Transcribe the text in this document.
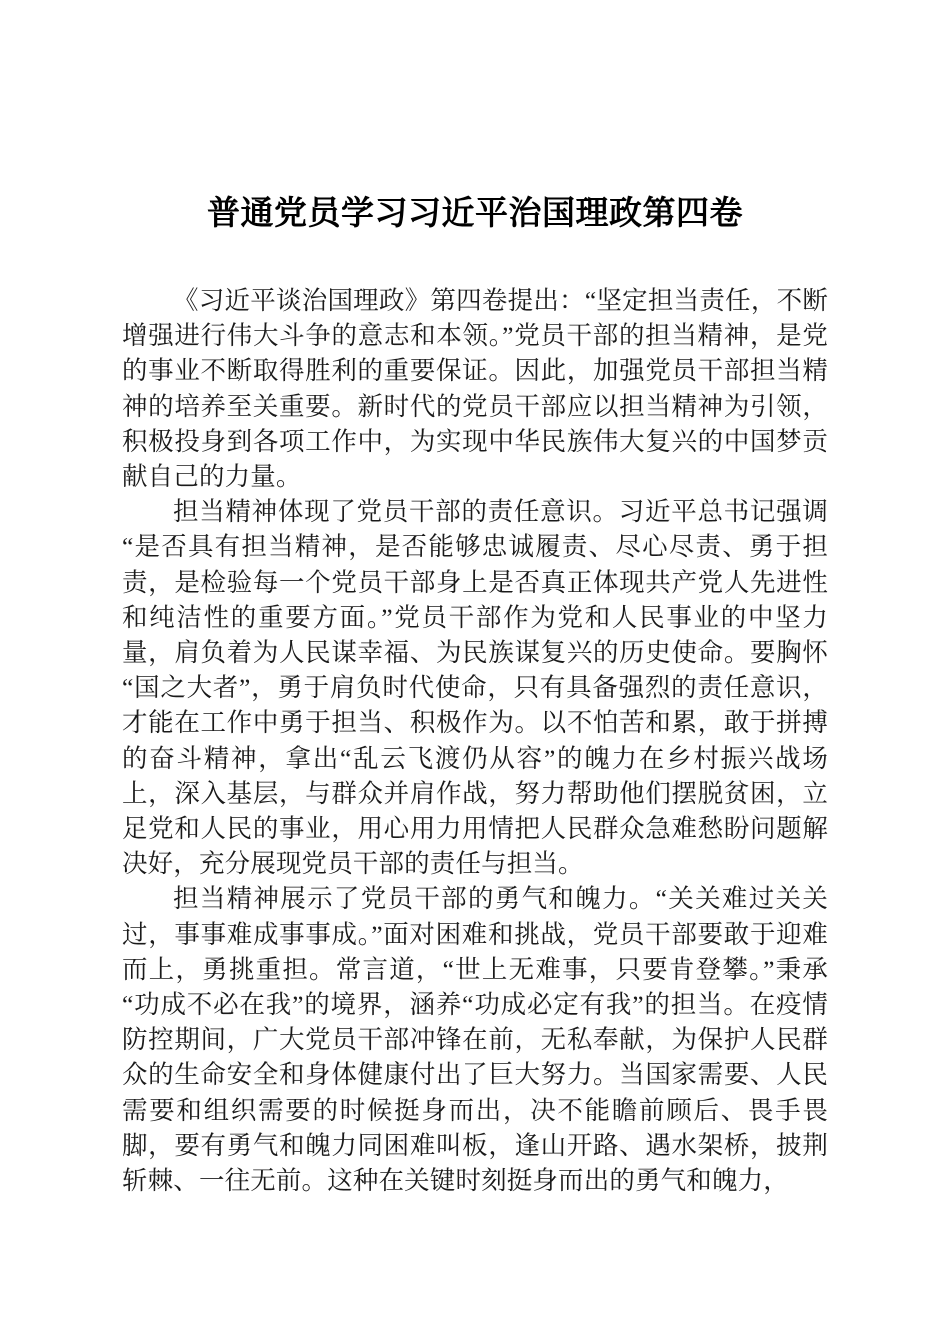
普通党员学习习近平治国理政第四卷

《习近平谈治国理政》第四卷提出：“坚定担当责任，不断增强进行伟大斗争的意志和本领。”党员干部的担当精神，是党的事业不断取得胜利的重要保证。因此，加强党员干部担当精神的培养至关重要。新时代的党员干部应以担当精神为引领，积极投身到各项工作中，为实现中华民族伟大复兴的中国梦贡献自己的力量。

担当精神体现了党员干部的责任意识。习近平总书记强调“是否具有担当精神，是否能够忠诚履责、尽心尽责、勇于担责，是检验每一个党员干部身上是否真正体现共产党人先进性和纯洁性的重要方面。”党员干部作为党和人民事业的中坚力量，肩负着为人民谋幸福、为民族谋复兴的历史使命。要胸怀“国之大者”，勇于肩负时代使命，只有具备强烈的责任意识，才能在工作中勇于担当、积极作为。以不怕苦和累，敢于拼搏的奋斗精神，拿出“乱云飞渡仍从容”的魄力在乡村振兴战场上，深入基层，与群众并肩作战，努力帮助他们摆脱贫困，立足党和人民的事业，用心用力用情把人民群众急难愁盼问题解决好，充分展现党员干部的责任与担当。

担当精神展示了党员干部的勇气和魄力。“关关难过关关过，事事难成事事成。”面对困难和挑战，党员干部要敢于迎难而上，勇挑重担。常言道，“世上无难事，只要肯登攀。”秉承“功成不必在我”的境界，涵养“功成必定有我”的担当。在疫情防控期间，广大党员干部冲锋在前，无私奉献，为保护人民群众的生命安全和身体健康付出了巨大努力。当国家需要、人民需要和组织需要的时候挺身而出，决不能瞻前顾后、畏手畏脚，要有勇气和魄力同困难叫板，逢山开路、遇水架桥，披荆斩棘、一往无前。这种在关键时刻挺身而出的勇气和魄力，
